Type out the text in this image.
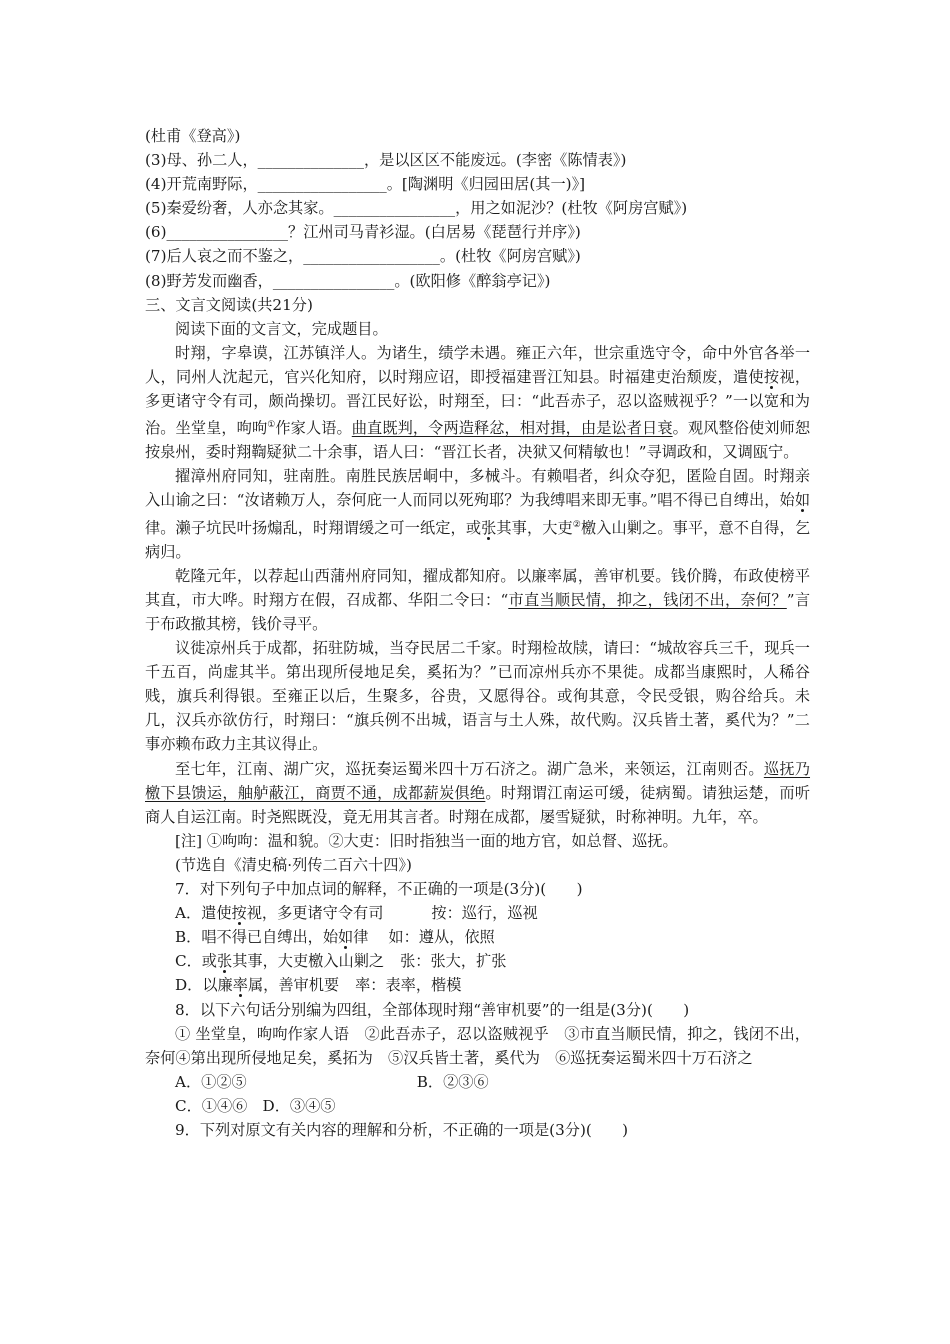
(杜甫《登高》)
(3)母、孙二人，______________，是以区区不能废远。(李密《陈情表》)
(4)开荒南野际，_________________。[陶渊明《归园田居(其一)》]
(5)秦爱纷奢，人亦念其家。________________，用之如泥沙？(杜牧《阿房宫赋》)
(6)________________？江州司马青衫湿。(白居易《琵琶行并序》)
(7)后人哀之而不鉴之，__________________。(杜牧《阿房宫赋》)
(8)野芳发而幽香，________________。(欧阳修《醉翁亭记》)
三、文言文阅读(共21分)
阅读下面的文言文，完成题目。
时翔，字皋谟，江苏镇洋人。为诸生，绩学未遇。雍正六年，世宗重选守令，命中外官各举一人，同州人沈起元，官兴化知府，以时翔应诏，即授福建晋江知县。时福建吏治颓废，遣使按视，多更诸守令有司，颇尚操切。晋江民好讼，时翔至，曰：“此吾赤子，忍以盗贼视乎？”一以宽和为治。坐堂皇，呴呴①作家人语。曲直既判，令两造释忿，相对揖，由是讼者日衰。观风整俗使刘师恕按泉州，委时翔鞫疑狱二十余事，语人曰：“晋江长者，决狱又何精敏也！”寻调政和，又调瓯宁。
擢漳州府同知，驻南胜。南胜民族居峒中，多械斗。有赖唱者，纠众夺犯，匿险自固。时翔亲入山谕之曰：“汝诸赖万人，奈何庇一人而同以死殉耶？为我缚唱来即无事。”唱不得已自缚出，始如律。濑子坑民叶扬煽乱，时翔谓缓之可一纸定，或张其事，大吏②檄入山剿之。事平，意不自得，乞病归。
乾隆元年，以荐起山西蒲州府同知，擢成都知府。以廉率属，善审机要。钱价腾，布政使榜平其直，市大哗。时翔方在假，召成都、华阳二令曰：“市直当顺民情，抑之，钱闭不出，奈何？”言于布政撤其榜，钱价寻平。
议徙凉州兵于成都，拓驻防城，当夺民居二千家。时翔检故牍，请曰：“城故容兵三千，现兵一千五百，尚虚其半。第出现所侵地足矣，奚拓为？”已而凉州兵亦不果徙。成都当康熙时，人稀谷贱，旗兵利得银。至雍正以后，生聚多，谷贵，又愿得谷。或徇其意，令民受银，购谷给兵。未几，汉兵亦欲仿行，时翔曰：“旗兵例不出城，语言与土人殊，故代购。汉兵皆土著，奚代为？”二事亦赖布政力主其议得止。
至七年，江南、湖广灾，巡抚奏运蜀米四十万石济之。湖广急米，来领运，江南则否。巡抚乃檄下县馈运，舳舻蔽江，商贾不通，成都薪炭俱绝。时翔谓江南运可缓，徒病蜀。请独运楚，而听商人自运江南。时尧熙既没，竟无用其言者。时翔在成都，屡雪疑狱，时称神明。九年，卒。
[注] ①呴呴：温和貌。②大吏：旧时指独当一面的地方官，如总督、巡抚。
(节选自《清史稿·列传二百六十四》)
7．对下列句子中加点词的解释，不正确的一项是(3分)(　　)
A．遣使按视，多更诸守令有司	按：巡行，巡视
B．唱不得已自缚出，始如律 如：遵从，依照
C．或张其事，大吏檄入山剿之 张：张大，扩张
D．以廉率属，善审机要 率：表率，楷模
8．以下六句话分别编为四组，全部体现时翔“善审机要”的一组是(3分)(　　)
① 坐堂皇，呴呴作家人语　②此吾赤子，忍以盗贼视乎　③市直当顺民情，抑之，钱闭不出，奈何④第出现所侵地足矣，奚拓为　⑤汉兵皆土著，奚代为　⑥巡抚奏运蜀米四十万石济之
A．①②⑤	B．②③⑥
C．①④⑥　D．③④⑤
9．下列对原文有关内容的理解和分析，不正确的一项是(3分)(　　)
